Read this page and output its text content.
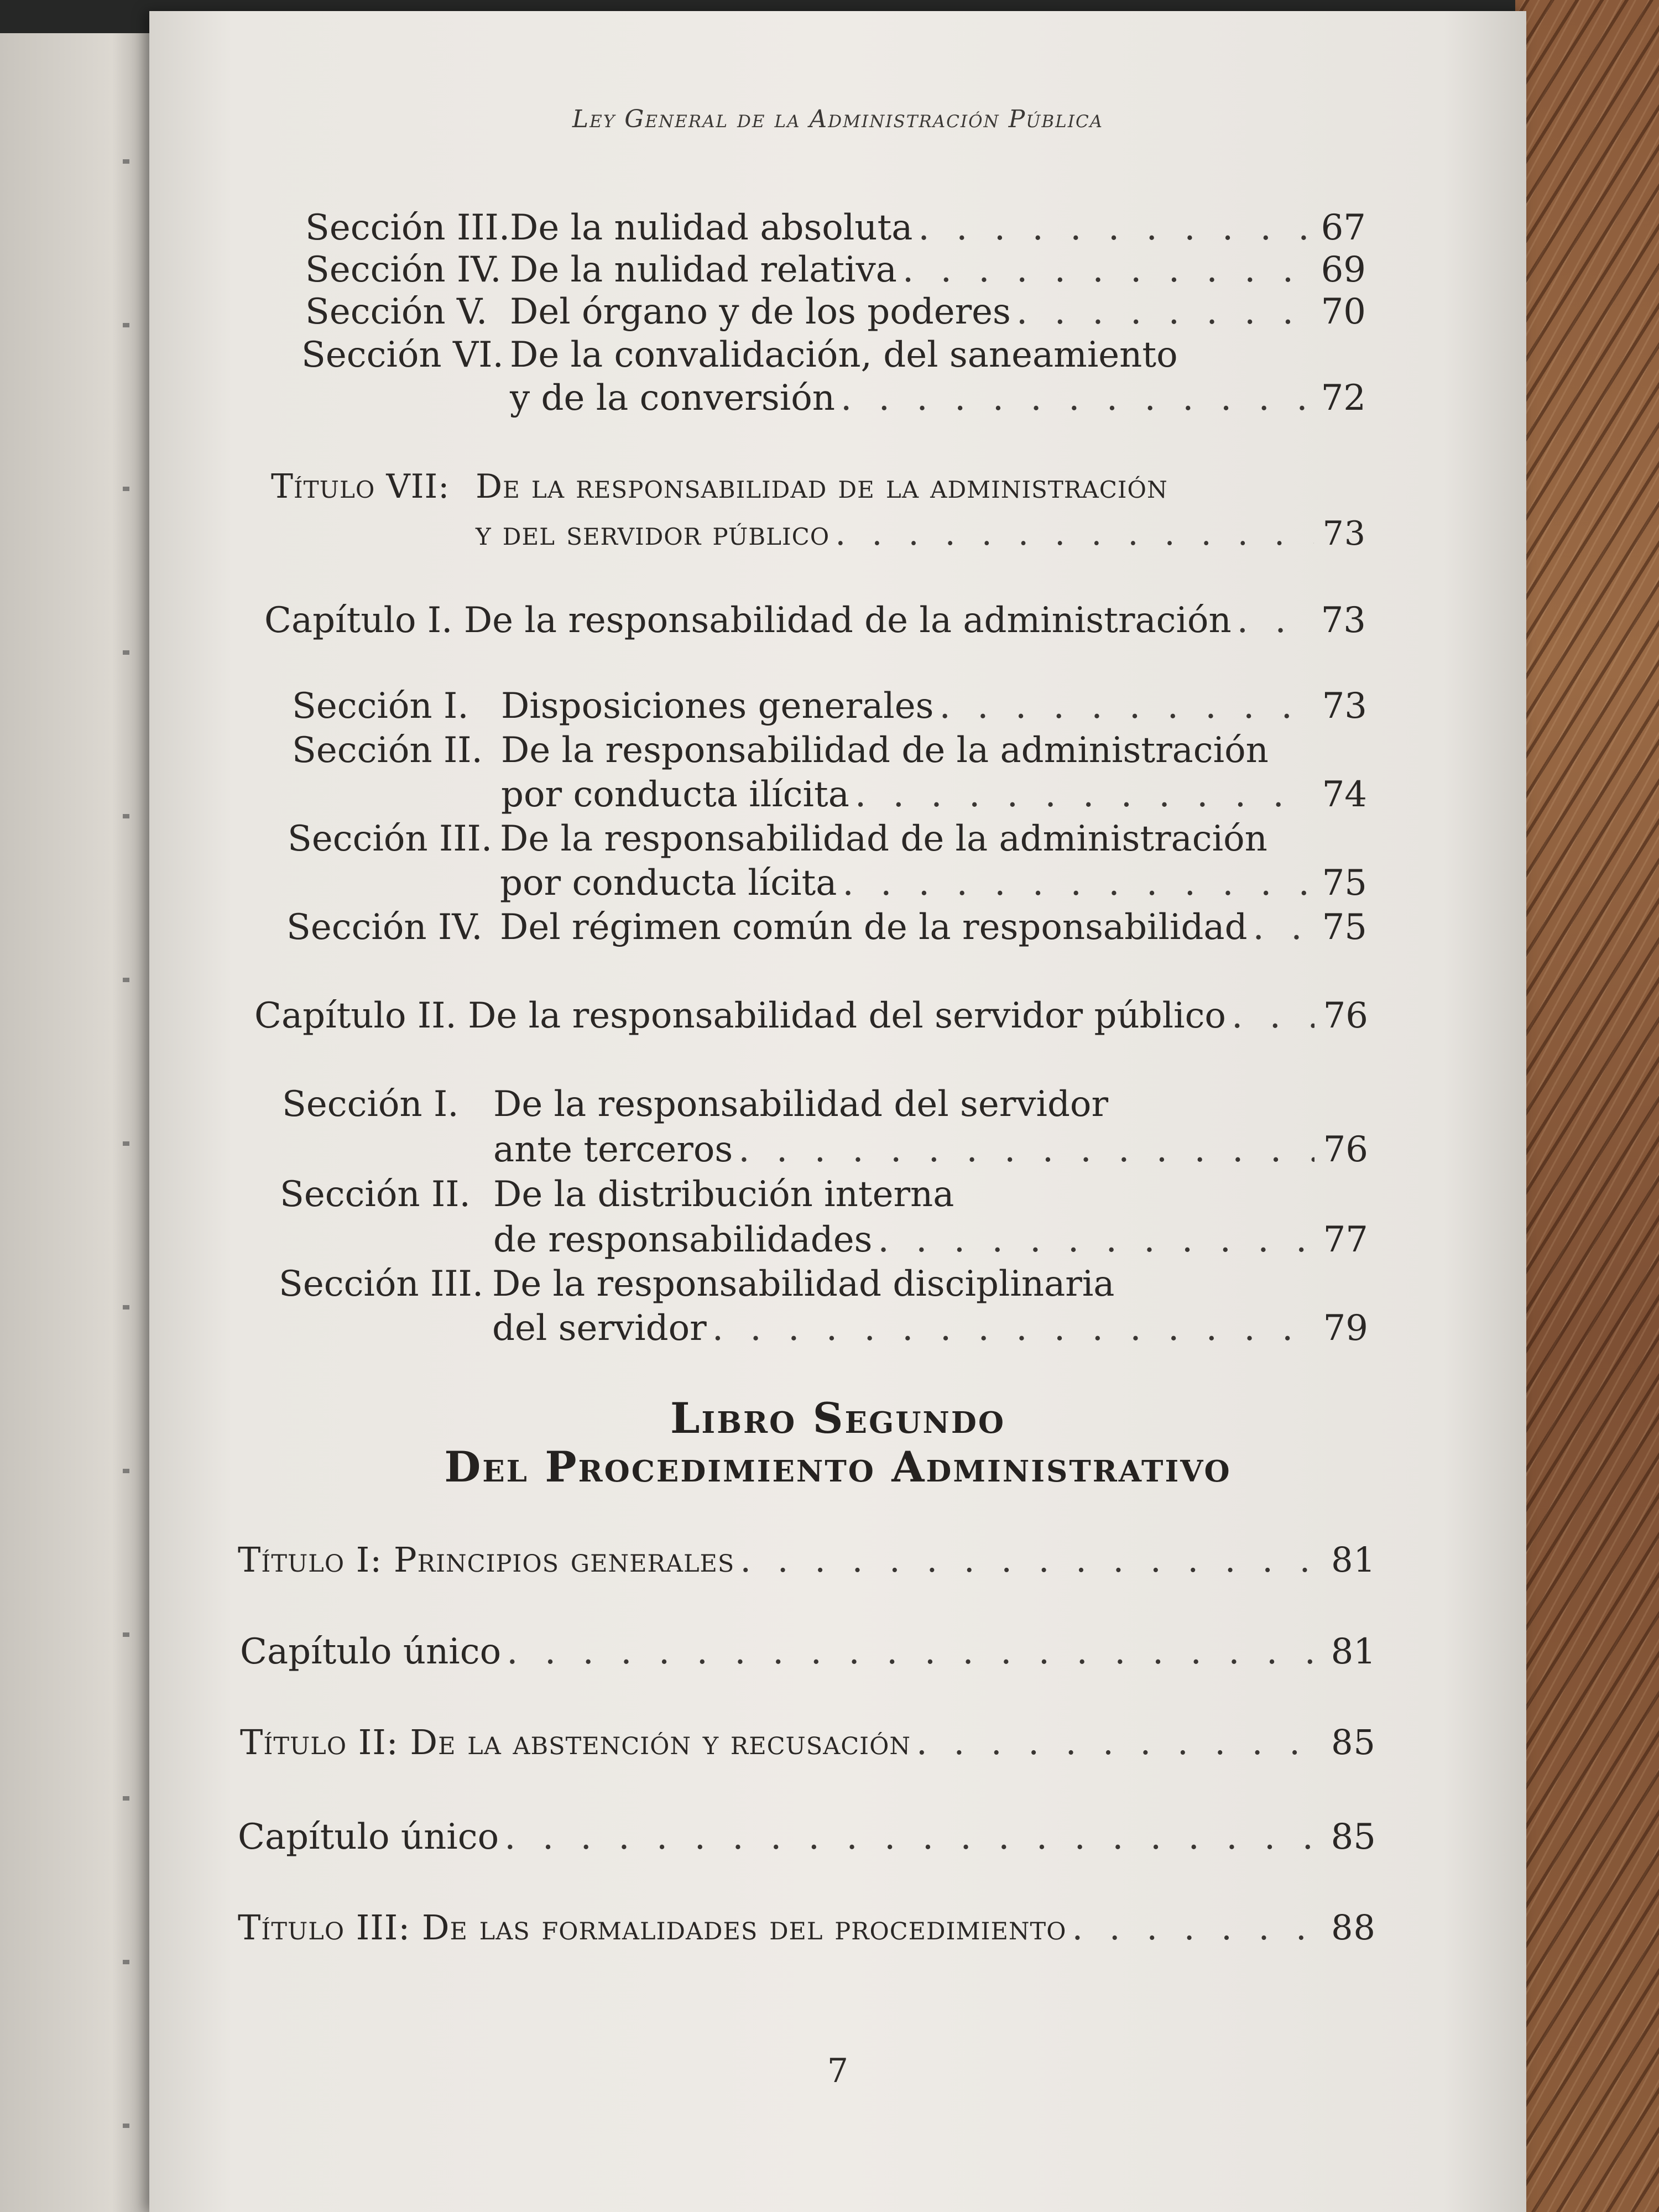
Ley General de la Administración Pública

Sección III. De la nulidad absoluta . . .	67
Sección IV. De la nulidad relativa . . .	69
Sección V. Del órgano y de los poderes . . .	70
Sección VI. De la convalidación, del saneamiento
y de la conversión . . .	72
Título VII: De la responsabilidad de la administración
y del servidor público . . .	73
Capítulo I. De la responsabilidad de la administración . . .	73
Sección I. Disposiciones generales . . .	73
Sección II. De la responsabilidad de la administración
por conducta ilícita . . .	74
Sección III. De la responsabilidad de la administración
por conducta lícita . . .	75
Sección IV. Del régimen común de la responsabilidad . . . 75
Capítulo II. De la responsabilidad del servidor público . . .	76
Sección I. De la responsabilidad del servidor
ante terceros . . .	76
Sección II. De la distribución interna
de responsabilidades . . .	77
Sección III. De la responsabilidad disciplinaria
del servidor . . .	79

Libro Segundo

Del Procedimiento Administrativo

Título I: Principios generales . . .	81
Capítulo único . . .	81
Título II: De la abstención y recusación . . .	85
Capítulo único . . .	85
Título III: De las formalidades del procedimiento . . .	88
7
